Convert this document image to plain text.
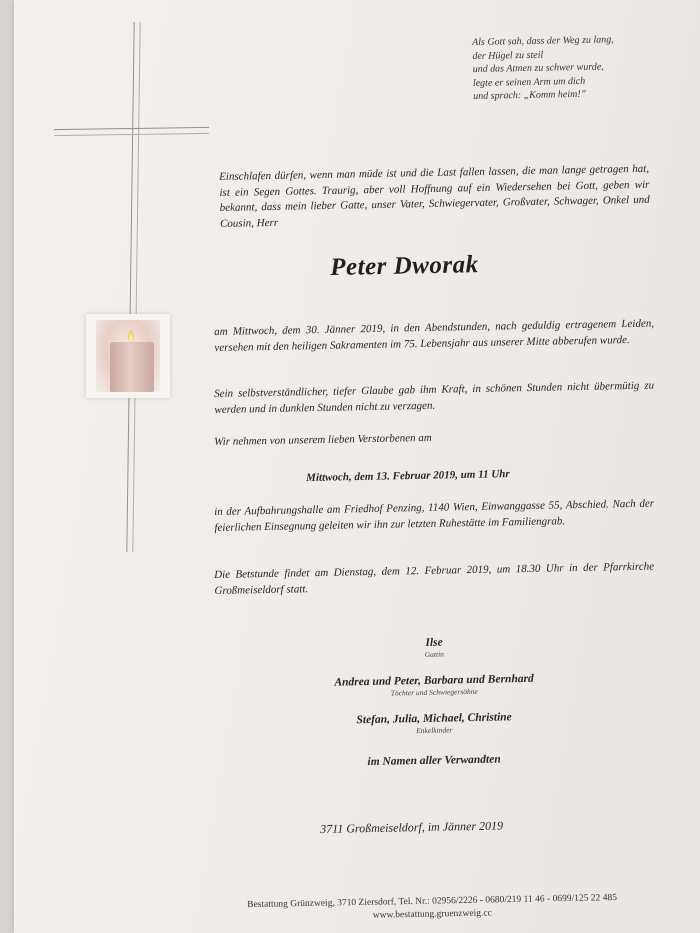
Als Gott sah, dass der Weg zu lang,
der Hügel zu steil
und das Atmen zu schwer wurde,
legte er seinen Arm um dich
und sprach: „Komm heim!”
Einschlafen dürfen, wenn man müde ist und die Last fallen lassen, die man lange getragen hat, ist ein Segen Gottes. Traurig, aber voll Hoffnung auf ein Wiedersehen bei Gott, geben wir bekannt, dass mein lieber Gatte, unser Vater, Schwiegervater, Großvater, Schwager, Onkel und Cousin, Herr
Peter Dworak
am Mittwoch, dem 30. Jänner 2019, in den Abendstunden, nach geduldig ertragenem Leiden, versehen mit den heiligen Sakramenten im 75. Lebensjahr aus unserer Mitte abberufen wurde.
Sein selbstverständlicher, tiefer Glaube gab ihm Kraft, in schönen Stunden nicht übermütig zu werden und in dunklen Stunden nicht zu verzagen.
Wir nehmen von unserem lieben Verstorbenen am
Mittwoch, dem 13. Februar 2019, um 11 Uhr
in der Aufbahrungshalle am Friedhof Penzing, 1140 Wien, Einwanggasse 55, Abschied. Nach der feierlichen Einsegnung geleiten wir ihn zur letzten Ruhestätte im Familiengrab.
Die Betstunde findet am Dienstag, dem 12. Februar 2019, um 18.30 Uhr in der Pfarrkirche Großmeiseldorf statt.
Ilse
Gattin
Andrea und Peter, Barbara und Bernhard
Töchter und Schwiegersöhne
Stefan, Julia, Michael, Christine
Enkelkinder
im Namen aller Verwandten
3711 Großmeiseldorf, im Jänner 2019
Bestattung Grünzweig, 3710 Ziersdorf, Tel. Nr.: 02956/2226 - 0680/219 11 46 - 0699/125 22 485
www.bestattung.gruenzweig.cc
